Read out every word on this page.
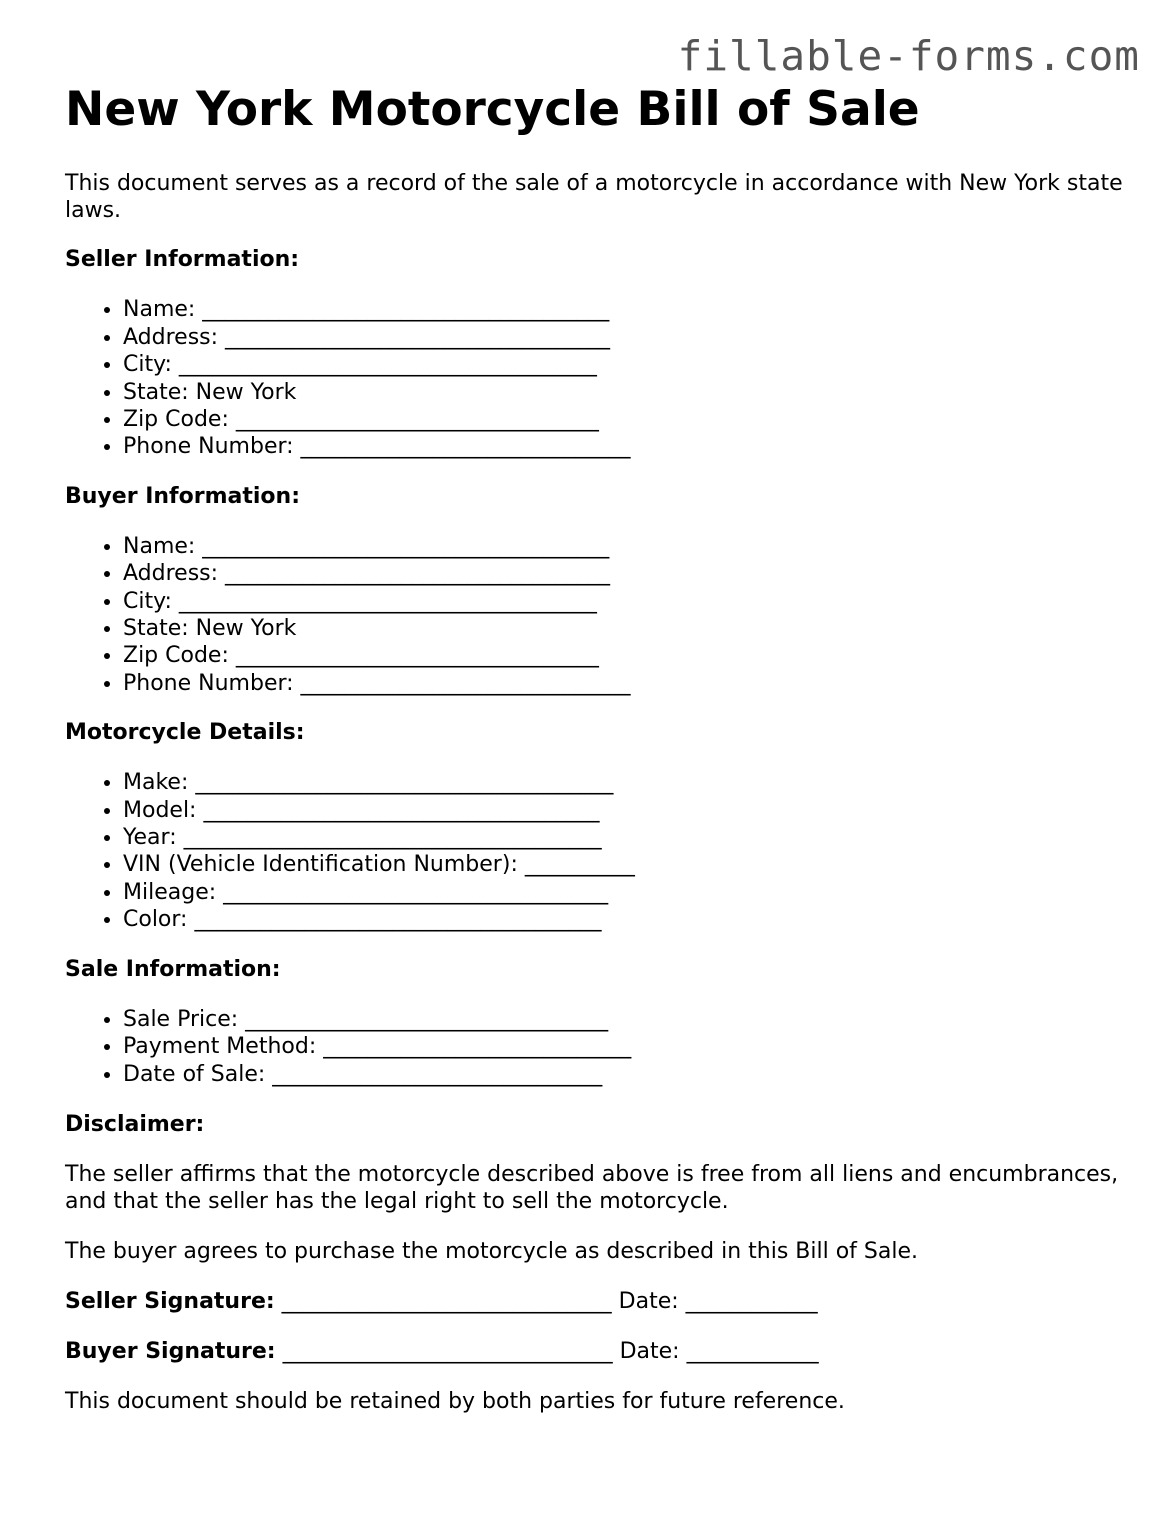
fillable-forms.com
New York Motorcycle Bill of Sale

This document serves as a record of the sale of a motorcycle in accordance with New York state laws.

Seller Information:

• Name: _____________________________________
• Address: ___________________________________
• City: ______________________________________
• State: New York
• Zip Code: _________________________________
• Phone Number: ______________________________

Buyer Information:

• Name: _____________________________________
• Address: ___________________________________
• City: ______________________________________
• State: New York
• Zip Code: _________________________________
• Phone Number: ______________________________

Motorcycle Details:

• Make: ______________________________________
• Model: ____________________________________
• Year: ______________________________________
• VIN (Vehicle Identification Number): __________
• Mileage: ___________________________________
• Color: _____________________________________

Sale Information:

• Sale Price: _________________________________
• Payment Method: ____________________________
• Date of Sale: ______________________________

Disclaimer:

The seller affirms that the motorcycle described above is free from all liens and encumbrances, and that the seller has the legal right to sell the motorcycle.

The buyer agrees to purchase the motorcycle as described in this Bill of Sale.

Seller Signature: ______________________________ Date: ____________

Buyer Signature: ______________________________ Date: ____________

This document should be retained by both parties for future reference.
